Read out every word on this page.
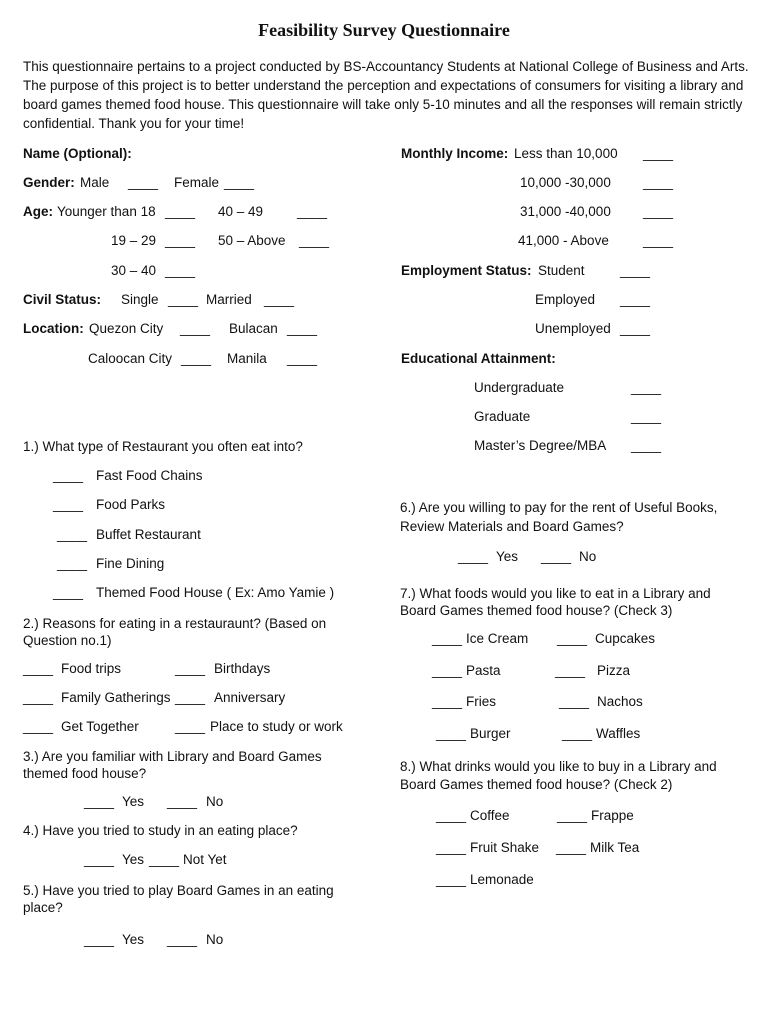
Feasibility Survey Questionnaire
This questionnaire pertains to a project conducted by BS-Accountancy Students at National College of Business and Arts. The purpose of this project is to better understand the perception and expectations of consumers for visiting a library and board games themed food house. This questionnaire will take only 5-10 minutes and all the responses will remain strictly confidential. Thank you for your time!
Name (Optional):
Gender: Male ____ Female ____
Age: Younger than 18 ____ 40 – 49	____
19 – 29 ____ 50 – Above ____
30 – 40 ____
Civil Status: Single ____ Married ____
Location: Quezon City ____ Bulacan ____
Caloocan City ____ Manila ____
Monthly Income: Less than 10,000 ____
10,000 -30,000 ____
31,000 -40,000 ____
41,000 - Above	____
Employment Status: Student	____
Employed ____
Unemployed ____
Educational Attainment:
Undergraduate	____
Graduate	____
Master’s Degree/MBA ____
1.) What type of Restaurant you often eat into?
____ Fast Food Chains
____ Food Parks
____ Buffet Restaurant
____ Fine Dining
____ Themed Food House ( Ex: Amo Yamie )
2.) Reasons for eating in a restauraunt? (Based on Question no.1)
____ Food trips	____ Birthdays
____ Family Gatherings ____ Anniversary
____ Get Together	____ Place to study or work
3.) Are you familiar with Library and Board Games themed food house?
____ Yes ____ No
4.) Have you tried to study in an eating place?
____ Yes ____ Not Yet
5.) Have you tried to play Board Games in an eating place?
____ Yes ____ No
6.) Are you willing to pay for the rent of Useful Books, Review Materials and Board Games?
____ Yes ____ No
7.) What foods would you like to eat in a Library and Board Games themed food house? (Check 3)
____ Ice Cream ____ Cupcakes
____ Pasta	____ Pizza
____ Fries	____ Nachos
____ Burger	____ Waffles
8.) What drinks would you like to buy in a Library and Board Games themed food house? (Check 2)
____ Coffee	____ Frappe
____ Fruit Shake ____ Milk Tea
____ Lemonade
